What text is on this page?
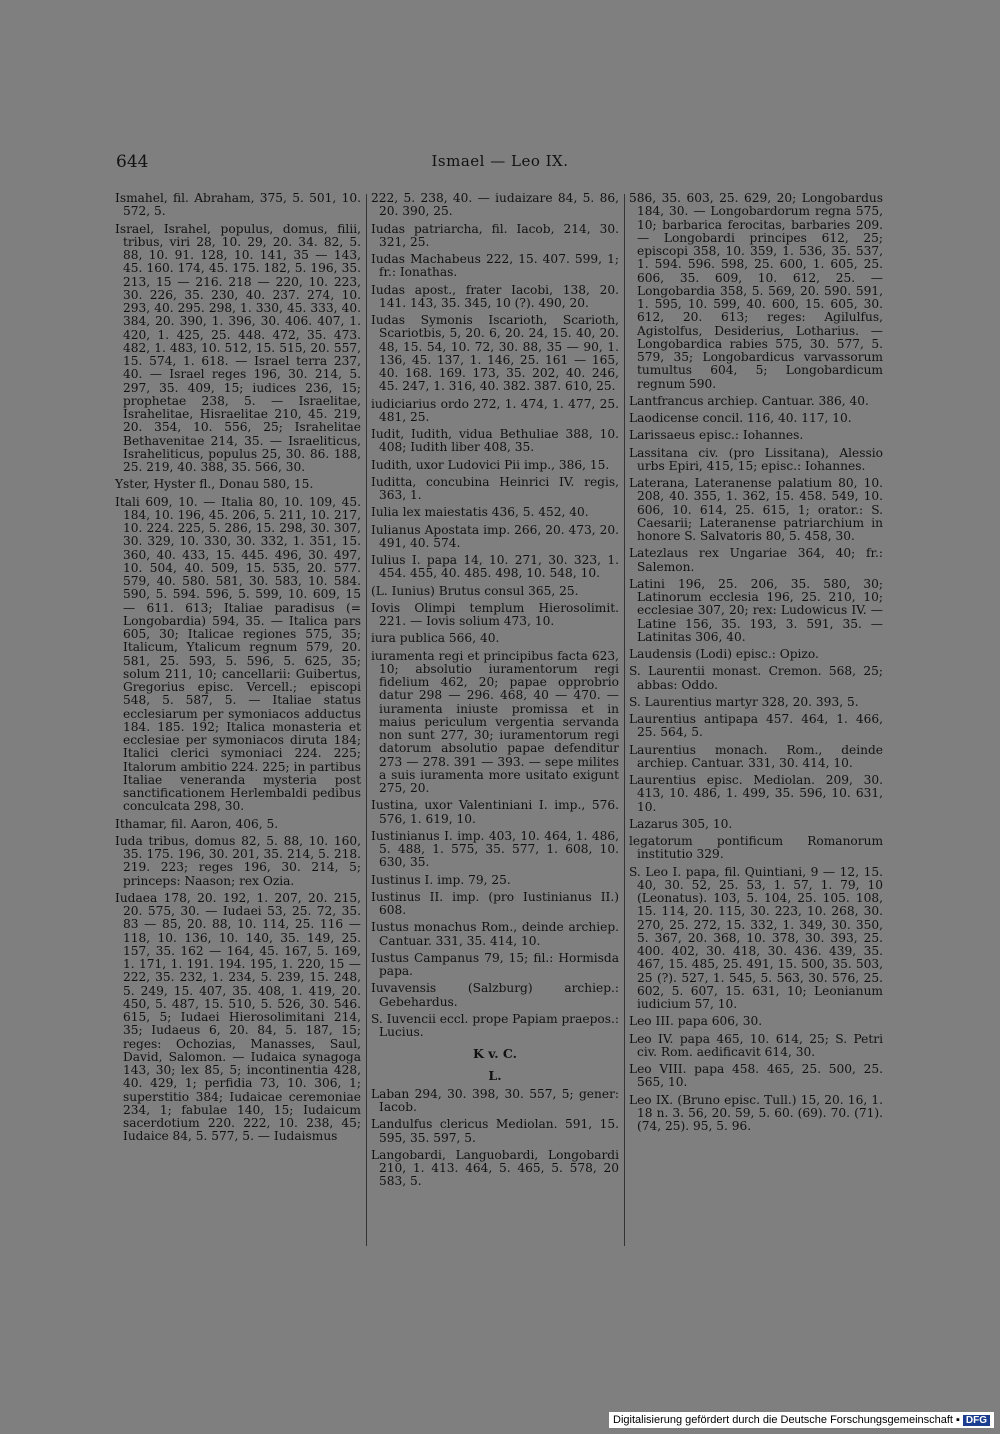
644	Ismael — Leo IX.

Ismahel, fil. Abraham, 375, 5. 501, 10. 572, 5.

Israel, Israhel, populus, domus, filii, tribus, viri 28, 10. 29, 20. 34. 82, 5. 88, 10. 91. 128, 10. 141, 35 — 143, 45. 160. 174, 45. 175. 182, 5. 196, 35. 213, 15 — 216. 218 — 220, 10. 223, 30. 226, 35. 230, 40. 237. 274, 10. 293, 40. 295. 298, 1. 330, 45. 333, 40. 384, 20. 390, 1. 396, 30. 406. 407, 1. 420, 1. 425, 25. 448. 472, 35. 473. 482, 1. 483, 10. 512, 15. 515, 20. 557, 15. 574, 1. 618. — Israel terra 237, 40. — Israel reges 196, 30. 214, 5. 297, 35. 409, 15; iudices 236, 15; prophetae 238, 5. — Israelitae, Israhelitae, Hisraelitae 210, 45. 219, 20. 354, 10. 556, 25; Israhelitae Bethavenitae 214, 35. — Israeliticus, Israheliticus, populus 25, 30. 86. 188, 25. 219, 40. 388, 35. 566, 30.

Yster, Hyster fl., Donau 580, 15.

Itali 609, 10. — Italia 80, 10. 109, 45. 184, 10. 196, 45. 206, 5. 211, 10. 217, 10. 224. 225, 5. 286, 15. 298, 30. 307, 30. 329, 10. 330, 30. 332, 1. 351, 15. 360, 40. 433, 15. 445. 496, 30. 497, 10. 504, 40. 509, 15. 535, 20. 577. 579, 40. 580. 581, 30. 583, 10. 584. 590, 5. 594. 596, 5. 599, 10. 609, 15 — 611. 613; Italiae paradisus (= Longobardia) 594, 35. — Italica pars 605, 30; Italicae regiones 575, 35; Italicum, Ytalicum regnum 579, 20. 581, 25. 593, 5. 596, 5. 625, 35; solum 211, 10; cancellarii: Guibertus, Gregorius episc. Vercell.; episcopi 548, 5. 587, 5. — Italiae status ecclesiarum per symoniacos adductus 184. 185. 192; Italica monasteria et ecclesiae per symoniacos diruta 184; Italici clerici symoniaci 224. 225; Italorum ambitio 224. 225; in partibus Italiae veneranda mysteria post sanctificationem Herlembaldi pedibus conculcata 298, 30.

Ithamar, fil. Aaron, 406, 5.

Iuda tribus, domus 82, 5. 88, 10. 160, 35. 175. 196, 30. 201, 35. 214, 5. 218. 219. 223; reges 196, 30. 214, 5; princeps: Naason; rex Ozia.

Iudaea 178, 20. 192, 1. 207, 20. 215, 20. 575, 30. — Iudaei 53, 25. 72, 35. 83 — 85, 20. 88, 10. 114, 25. 116 — 118, 10. 136, 10. 140, 35. 149, 25. 157, 35. 162 — 164, 45. 167, 5. 169, 1. 171, 1. 191. 194. 195, 1. 220, 15 — 222, 35. 232, 1. 234, 5. 239, 15. 248, 5. 249, 15. 407, 35. 408, 1. 419, 20. 450, 5. 487, 15. 510, 5. 526, 30. 546. 615, 5; Iudaei Hierosolimitani 214, 35; Iudaeus 6, 20. 84, 5. 187, 15; reges: Ochozias, Manasses, Saul, David, Salomon. — Iudaica synagoga 143, 30; lex 85, 5; incontinentia 428, 40. 429, 1; perfidia 73, 10. 306, 1; superstitio 384; Iudaicae ceremoniae 234, 1; fabulae 140, 15; Iudaicum sacerdotium 220. 222, 10. 238, 45; Iudaice 84, 5. 577, 5. — Iudaismus

222, 5. 238, 40. — iudaizare 84, 5. 86, 20. 390, 25.

Iudas patriarcha, fil. Iacob, 214, 30. 321, 25.

Iudas Machabeus 222, 15. 407. 599, 1; fr.: Ionathas.

Iudas apost., frater Iacobi, 138, 20. 141. 143, 35. 345, 10 (?). 490, 20.

Iudas Symonis Iscarioth, Scarioth, Scariotbis, 5, 20. 6, 20. 24, 15. 40, 20. 48, 15. 54, 10. 72, 30. 88, 35 — 90, 1. 136, 45. 137, 1. 146, 25. 161 — 165, 40. 168. 169. 173, 35. 202, 40. 246, 45. 247, 1. 316, 40. 382. 387. 610, 25.

iudiciarius ordo 272, 1. 474, 1. 477, 25. 481, 25.

Iudit, Iudith, vidua Bethuliae 388, 10. 408; Iudith liber 408, 35.

Iudith, uxor Ludovici Pii imp., 386, 15.

Iuditta, concubina Heinrici IV. regis, 363, 1.

Iulia lex maiestatis 436, 5. 452, 40.

Iulianus Apostata imp. 266, 20. 473, 20. 491, 40. 574.

Iulius I. papa 14, 10. 271, 30. 323, 1. 454. 455, 40. 485. 498, 10. 548, 10.

(L. Iunius) Brutus consul 365, 25.

Iovis Olimpi templum Hierosolimit. 221. — Iovis solium 473, 10.

iura publica 566, 40.

iuramenta regi et principibus facta 623, 10; absolutio iuramentorum regi fidelium 462, 20; papae opprobrio datur 298 — 296. 468, 40 — 470. — iuramenta iniuste promissa et in maius periculum vergentia servanda non sunt 277, 30; iuramentorum regi datorum absolutio papae defenditur 273 — 278. 391 — 393. — sepe milites a suis iuramenta more usitato exigunt 275, 20.

Iustina, uxor Valentiniani I. imp., 576. 576, 1. 619, 10.

Iustinianus I. imp. 403, 10. 464, 1. 486, 5. 488, 1. 575, 35. 577, 1. 608, 10. 630, 35.

Iustinus I. imp. 79, 25.

Iustinus II. imp. (pro Iustinianus II.) 608.

Iustus monachus Rom., deinde archiep. Cantuar. 331, 35. 414, 10.

Iustus Campanus 79, 15; fil.: Hormisda papa.

Iuvavensis (Salzburg) archiep.: Gebehardus.

S. Iuvencii eccl. prope Papiam praepos.: Lucius.

K v. C.
L.

Laban 294, 30. 398, 30. 557, 5; gener: Iacob.

Landulfus clericus Mediolan. 591, 15. 595, 35. 597, 5.

Langobardi, Languobardi, Longobardi 210, 1. 413. 464, 5. 465, 5. 578, 20 583, 5.

586, 35. 603, 25. 629, 20; Longobardus 184, 30. — Longobardorum regna 575, 10; barbarica ferocitas, barbaries 209. — Longobardi principes 612, 25; episcopi 358, 10. 359, 1. 536, 35. 537, 1. 594. 596. 598, 25. 600, 1. 605, 25. 606, 35. 609, 10. 612, 25. — Longobardia 358, 5. 569, 20. 590. 591, 1. 595, 10. 599, 40. 600, 15. 605, 30. 612, 20. 613; reges: Agilulfus, Agistolfus, Desiderius, Lotharius. — Longobardica rabies 575, 30. 577, 5. 579, 35; Longobardicus varvassorum tumultus 604, 5; Longobardicum regnum 590.

Lantfrancus archiep. Cantuar. 386, 40.

Laodicense concil. 116, 40. 117, 10.

Larissaeus episc.: Iohannes.

Lassitana civ. (pro Lissitana), Alessio urbs Epiri, 415, 15; episc.: Iohannes.

Laterana, Lateranense palatium 80, 10. 208, 40. 355, 1. 362, 15. 458. 549, 10. 606, 10. 614, 25. 615, 1; orator.: S. Caesarii; Lateranense patriarchium in honore S. Salvatoris 80, 5. 458, 30.

Latezlaus rex Ungariae 364, 40; fr.: Salemon.

Latini 196, 25. 206, 35. 580, 30; Latinorum ecclesia 196, 25. 210, 10; ecclesiae 307, 20; rex: Ludowicus IV. — Latine 156, 35. 193, 3. 591, 35. — Latinitas 306, 40.

Laudensis (Lodi) episc.: Opizo.

S. Laurentii monast. Cremon. 568, 25; abbas: Oddo.

S. Laurentius martyr 328, 20. 393, 5.

Laurentius antipapa 457. 464, 1. 466, 25. 564, 5.

Laurentius monach. Rom., deinde archiep. Cantuar. 331, 30. 414, 10.

Laurentius episc. Mediolan. 209, 30. 413, 10. 486, 1. 499, 35. 596, 10. 631, 10.

Lazarus 305, 10.

legatorum pontificum Romanorum institutio 329.

S. Leo I. papa, fil. Quintiani, 9 — 12, 15. 40, 30. 52, 25. 53, 1. 57, 1. 79, 10 (Leonatus). 103, 5. 104, 25. 105. 108, 15. 114, 20. 115, 30. 223, 10. 268, 30. 270, 25. 272, 15. 332, 1. 349, 30. 350, 5. 367, 20. 368, 10. 378, 30. 393, 25. 400. 402, 30. 418, 30. 436. 439, 35. 467, 15. 485, 25. 491, 15. 500, 35. 503, 25 (?). 527, 1. 545, 5. 563, 30. 576, 25. 602, 5. 607, 15. 631, 10; Leonianum iudicium 57, 10.

Leo III. papa 606, 30.

Leo IV. papa 465, 10. 614, 25; S. Petri civ. Rom. aedificavit 614, 30.

Leo VIII. papa 458. 465, 25. 500, 25. 565, 10.

Leo IX. (Bruno episc. Tull.) 15, 20. 16, 1. 18 n. 3. 56, 20. 59, 5. 60. (69). 70. (71). (74, 25). 95, 5. 96.

Digitalisierung gefördert durch die Deutsche Forschungsgemeinschaft ▪ DFG
